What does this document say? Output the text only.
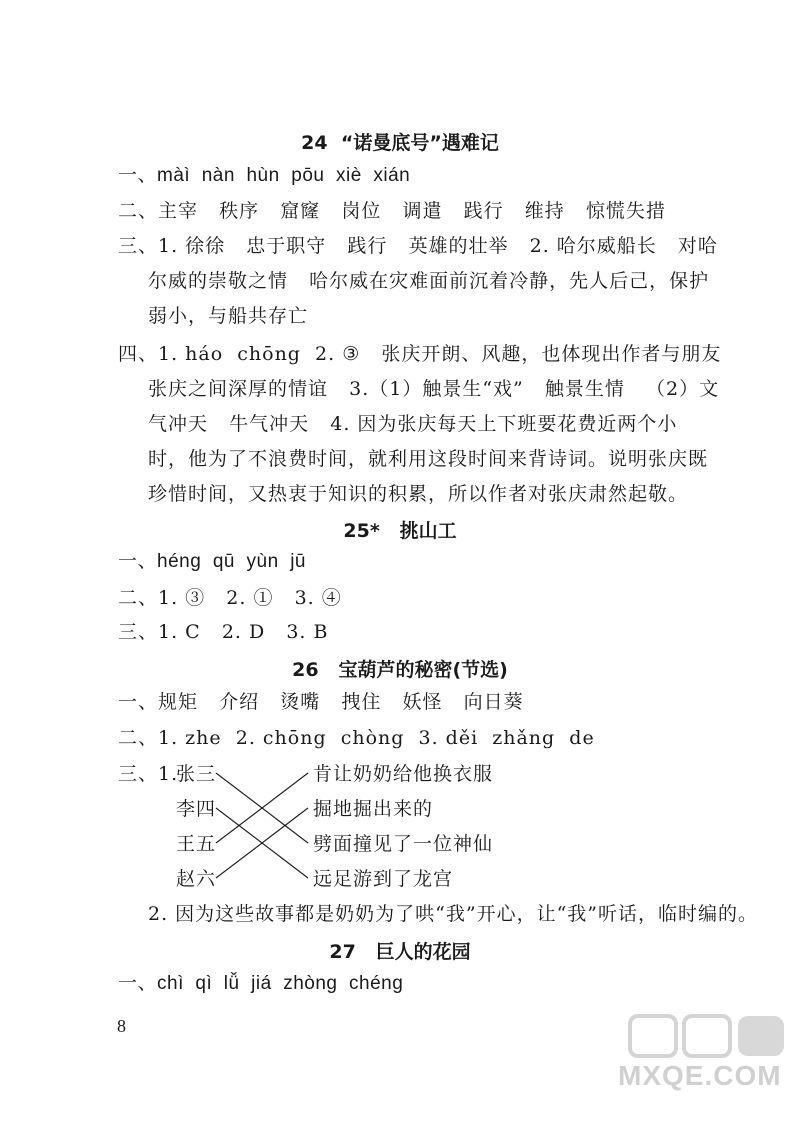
24  “诺曼底号”遇难记
一、màì  nàn  hùn  pōu  xiè  xián
二、主宰   秩序   窟窿   岗位   调遣   践行   维持   惊慌失措
三、1. 徐徐   忠于职守   践行   英雄的壮举   2. 哈尔威船长   对哈
尔威的崇敬之情   哈尔威在灾难面前沉着冷静，先人后己，保护
弱小，与船共存亡
四、1. háo  chōng  2. ③   张庆开朗、风趣，也体现出作者与朋友
张庆之间深厚的情谊   3.（1）触景生“戏”   触景生情   （2）文
气冲天   牛气冲天   4. 因为张庆每天上下班要花费近两个小
时，他为了不浪费时间，就利用这段时间来背诗词。说明张庆既
珍惜时间，又热衷于知识的积累，所以作者对张庆肃然起敬。
25*   挑山工
一、héng  qū  yùn  jū
二、1. ③   2. ①   3. ④
三、1. C   2. D   3. B
26   宝葫芦的秘密(节选)
一、规矩   介绍   烫嘴   拽住   妖怪   向日葵
二、1. zhe  2. chōng  chòng  3. děi  zhǎng  de
三、1.
张三
李四
王五
赵六
肯让奶奶给他换衣服
掘地掘出来的
劈面撞见了一位神仙
远足游到了龙宫
2. 因为这些故事都是奶奶为了哄“我”开心，让“我”听话，临时编的。
27   巨人的花园
一、chì  qì  lǚ  jiá  zhòng  chéng
8
MXQE.COM
